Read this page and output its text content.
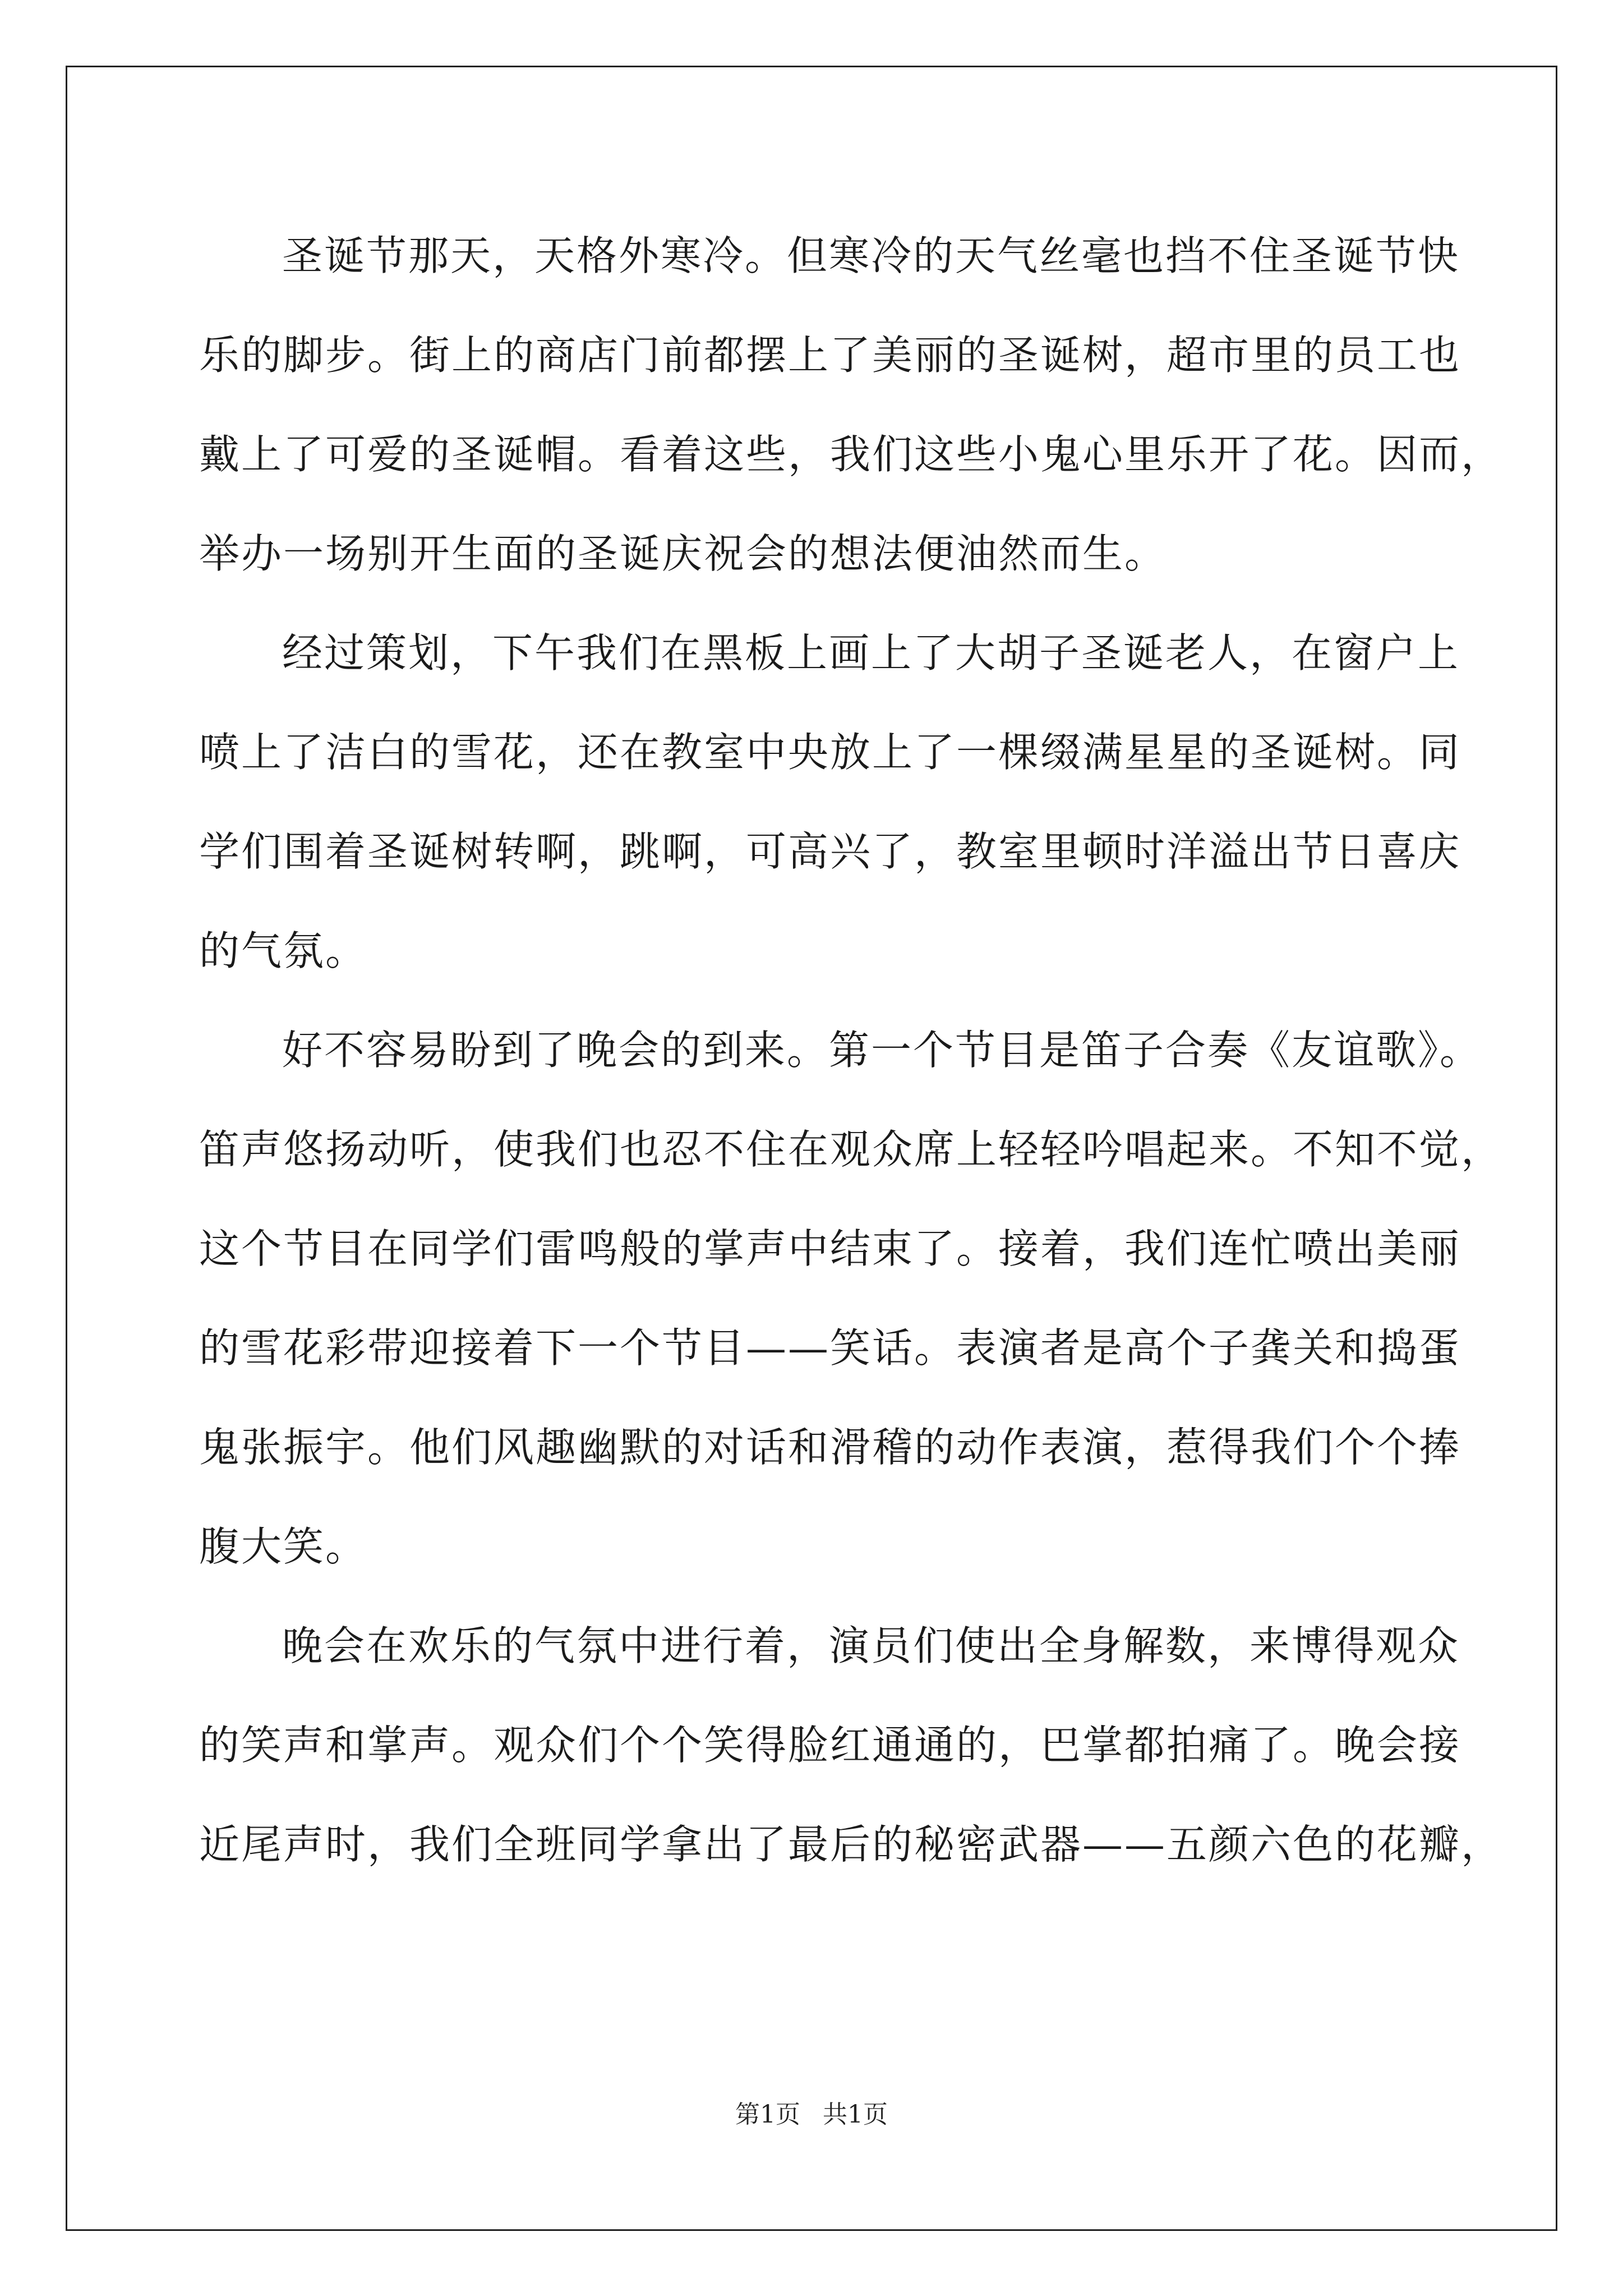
圣诞节那天，天格外寒冷。但寒冷的天气丝毫也挡不住圣诞节快
乐的脚步。街上的商店门前都摆上了美丽的圣诞树，超市里的员工也
戴上了可爱的圣诞帽。看着这些，我们这些小鬼心里乐开了花。因而，
举办一场别开生面的圣诞庆祝会的想法便油然而生。
经过策划，下午我们在黑板上画上了大胡子圣诞老人，在窗户上
喷上了洁白的雪花，还在教室中央放上了一棵缀满星星的圣诞树。同
学们围着圣诞树转啊，跳啊，可高兴了，教室里顿时洋溢出节日喜庆
的气氛。
好不容易盼到了晚会的到来。第一个节目是笛子合奏《友谊歌》。
笛声悠扬动听，使我们也忍不住在观众席上轻轻吟唱起来。不知不觉，
这个节目在同学们雷鸣般的掌声中结束了。接着，我们连忙喷出美丽
的雪花彩带迎接着下一个节目——笑话。表演者是高个子龚关和捣蛋
鬼张振宇。他们风趣幽默的对话和滑稽的动作表演，惹得我们个个捧
腹大笑。
晚会在欢乐的气氛中进行着，演员们使出全身解数，来博得观众
的笑声和掌声。观众们个个笑得脸红通通的，巴掌都拍痛了。晚会接
近尾声时，我们全班同学拿出了最后的秘密武器——五颜六色的花瓣，
第1页 共1页
